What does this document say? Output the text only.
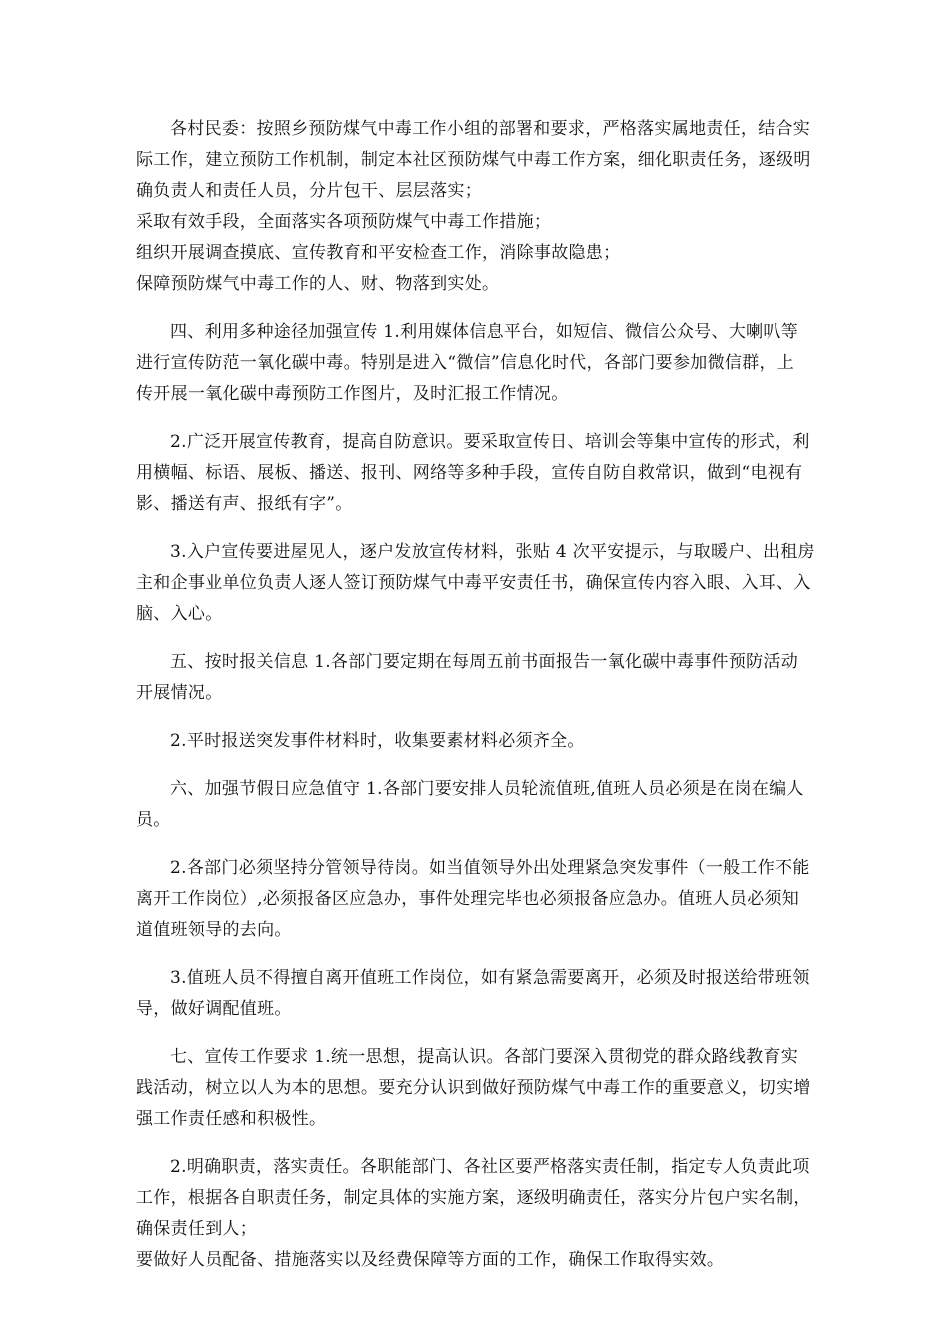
各村民委：按照乡预防煤气中毒工作小组的部署和要求，严格落实属地责任，结合实
际工作，建立预防工作机制，制定本社区预防煤气中毒工作方案，细化职责任务，逐级明
确负责人和责任人员，分片包干、层层落实；
采取有效手段，全面落实各项预防煤气中毒工作措施；
组织开展调查摸底、宣传教育和平安检查工作，消除事故隐患；
保障预防煤气中毒工作的人、财、物落到实处。
四、利用多种途径加强宣传 1.利用媒体信息平台，如短信、微信公众号、大喇叭等
进行宣传防范一氧化碳中毒。特别是进入“微信”信息化时代，各部门要参加微信群，上
传开展一氧化碳中毒预防工作图片，及时汇报工作情况。
2.广泛开展宣传教育，提高自防意识。要采取宣传日、培训会等集中宣传的形式，利
用横幅、标语、展板、播送、报刊、网络等多种手段，宣传自防自救常识，做到“电视有
影、播送有声、报纸有字”。
3.入户宣传要进屋见人，逐户发放宣传材料，张贴 4 次平安提示，与取暖户、出租房
主和企事业单位负责人逐人签订预防煤气中毒平安责任书，确保宣传内容入眼、入耳、入
脑、入心。
五、按时报关信息 1.各部门要定期在每周五前书面报告一氧化碳中毒事件预防活动
开展情况。
2.平时报送突发事件材料时，收集要素材料必须齐全。
六、加强节假日应急值守 1.各部门要安排人员轮流值班,值班人员必须是在岗在编人
员。
2.各部门必须坚持分管领导待岗。如当值领导外出处理紧急突发事件（一般工作不能
离开工作岗位）,必须报备区应急办，事件处理完毕也必须报备应急办。值班人员必须知
道值班领导的去向。
3.值班人员不得擅自离开值班工作岗位，如有紧急需要离开，必须及时报送给带班领
导，做好调配值班。
七、宣传工作要求 1.统一思想，提高认识。各部门要深入贯彻党的群众路线教育实
践活动，树立以人为本的思想。要充分认识到做好预防煤气中毒工作的重要意义，切实增
强工作责任感和积极性。
2.明确职责，落实责任。各职能部门、各社区要严格落实责任制，指定专人负责此项
工作，根据各自职责任务，制定具体的实施方案，逐级明确责任，落实分片包户实名制，
确保责任到人；
要做好人员配备、措施落实以及经费保障等方面的工作，确保工作取得实效。
